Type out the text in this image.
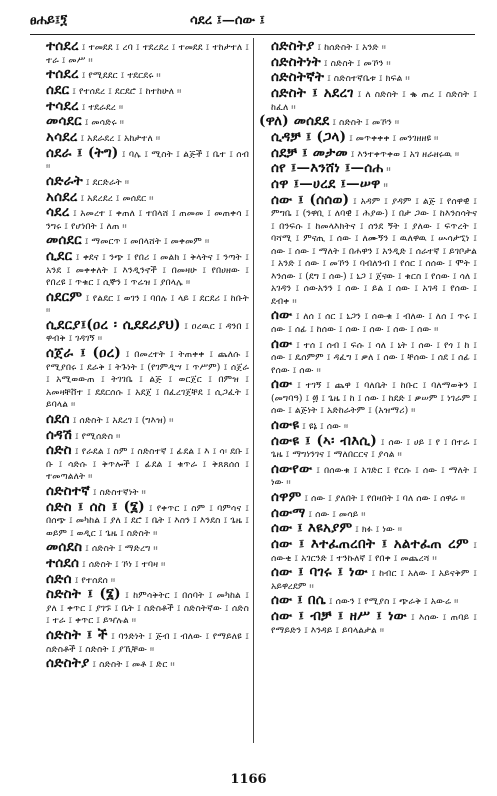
ፀሐይ፤፺	ሳደረ ፤—ሰው ፤

ተሰደረ ፤ ተመደደ ፤ ረባ ፤ ተደረደረ ፤ ተመደደ ፤ ተከታተለ ፤ ተራ ፤ መሥ ፡፡

ተሰደረ ፤ የሚደደር ፤ ተደርደሩ ፡፡

ሰደር ፤ የተሰደረ ፤ ደርደሮ ፤ ከተከሁለ ፡፡

ተሳደረ ፤ ተደራደረ ፡፡

መሳደር ፤ መሳድሩ ፡፡

አሳደረ ፤ አደራደረ ፤ አከታተለ ፡፡

ሰደራ ፤ (ትግ) ፤ ባሌ ፤ ሚስት ፤ ልጅች ፤ ቤተ ፤ ሰብ ፡፡

ሰድራት ፤ ደርድራት ፡፡

አሰደረ ፤ አደረደረ ፤ መሰደር ፡፡

ሳደረ ፤ አመረተ ፤ ቀጠለ ፤ ተበላሸ ፤ ጠመመ ፤ መጠቀሳ ፤ ንግሩ ፤ የሆነበት ፤ ለጠ ፡፡

መሰደር ፤ ማመርጥ ፤ መበላሸት ፤ መቀመም ፡፡

ሲደር ፤ ቀደና ፤ ንጭ ፤ የበሪ ፤ መልክ ፤ ቅላትና ፤ ንጣት ፤ አንደ ፤ መቀቀለት ፤ እንዲንኖች ፤ በመዛሁ ፤ የበሀዘው ፤ የበረዩ ፤ ጥቁር ፤ ሲኞን ፤ ጥሬዝ ፤ ያበላሌ ፡፡

ሰደርም ፤ የልደር ፤ ወገን ፤ ባበሉ ፤ ላይ ፤ ደርደሪ ፤ ከቡት ፡፡

ሲደርያ፤(ዐረ ፡ ሲደደሪያህ) ፤ ዐረዉር ፤ ዳንበ ፤ ዋብቅ ፤ ገዳገኝ ፡፡

ሰጀራ ፤ (ዐረ) ፤ በመረተት ፤ ትጠቀቀ ፤ ጨለሱ ፤ የሚያበሩ ፤ ደራቅ ፤ ትጉነት ፤ (የገምዲሣ ፤ ጥሥም) ፤ ሰጀራ ፤ አሚወውጠ ፤ ትገገቤ ፤ ልጅ ፤ ወርጀር ፤ በምዝ ፤ አመዛቸቨተ ፤ ደደርሰሱ ፤ አደጀ ፤ በፈረገጀቸደ ፤ ሲጋፈት ፤ ይባላል ፡፡

ሰደሰ ፤ ሰድስት ፤ አደረገ ፤ (ግእዝ) ፡፡

ሰዳሽ ፤ የሚሰድስ ፡፡

ሰድስ ፤ የራደል ፤ ስም ፤ ስድስተኛ ፤ ፊደል ፤ እ ፤ ሳ፡ ደቡ ፤ ቡ ፤ ሳድሱ ፤ ቅጥሎች ፤ ፊደል ፤ ቁጥራ ፤ ቅጸጸሰሰ ፤ ተመጣልለት ፡፡

ሰድስተኛ ፤ ስድስተኛነት ፡፡

ሰድስ ፤ ሰስ ፤ (፮) ፤ የቀጥር ፤ ስም ፤ ባምሳና ፤ በሰጭ ፤ መካከል ፤ ያለ ፤ ደሮ ፤ ቤት ፤ እስን ፤ እንደስ ፤ ጌዜ ፤ ወይም ፤ ወዲር ፤ ጌዜ ፤ ስድስት ፡፡

መሰደስ ፤ ሰድስት ፤ ማድረግ ፡፡

ተሰደሰ ፤ ሰድስት ፤ ኾነ ፤ ተባዛ ፡፡

ሰድሰ ፤ የተሰደሰ ፡፡

ስድስት ፤ (፮) ፤ ከምሳቅትር ፤ በሰባት ፤ መካከል ፤ ያለ ፤ ቀጥር ፤ ያገኙ ፤ ቤት ፤ ስድስቶች ፤ ስድስትኛው ፤ ሰድስ ፤ ተራ ፤ ቀጥር ፤ ይዣሉል ፡፡

ሰድስት ፤ ች ፤ ባንድነት ፤ ጅብ ፤ ብለው ፤ የማይለዩ ፤ ስድስቶች ፤ ስድስት ፤ ያኺቸው ፡፡

ሰድስትያ ፤ ስድስት ፤ መቶ ፤ ድር ፡፡

ሰድስትያ ፤ ከሰድስት ፤ አንድ ፡፡

ሰድስትነት ፤ ስድስት ፤ መኾን ፡፡

ሰድስትኛት ፤ ስድስተኛቤቱ ፤ ክፍል ፡፡

ሰድስት ፤ አደረገ ፤ ለ ስድስት ፤ ቈ ጠረ ፤ ስድስት ፤ ከፈለ ፡፡

(ዋለ) መሰደደ ፤ ስድስት ፤ መኾን ፡፡

ሲዳቻ ፤ (ጋላ) ፤ መጥቀቀቀ ፤ መንገዘዘዩ ፡፡

ሰደቻ ፤ መታመ ፤ እንተቀጥቀወ ፤ አገ ዘራዘሩዉ ፡፡

ሰየ ፤—እንሸነ ፤—ሰሐ ፡፡

ሰዋ ፤—ሀረደ ፤—ሠዋ ፡፡

ሰው ፤ (ሰሰወ) ፤ አዳም ፤ ያዳም ፤ ልጅ ፤ የሰዋዊ ፤ ምግቤ ፤ (ንዋቢ ፤ ለባዊ ፤ ሕያው) ፤ በታ ጋው ፤ ከእንስሳትና ፤ በንፍሱ ፤ ከመላእክትና ፤ ሰንደ ኝት ፤ ያለው ፤ ፍጥረት ፤ ባሻሚ ፤ ምናጢ ፤ ሰው ፤ ለሙኝን ፤ ዉለዋዉ ፤ ሡሳታኚነ ፤ ሰው ፤ ሰው ፤ ማለት ፤ በሐዋን ፤ አንዲድ ፤ ሰራተኛ ፤ ይገቦታል ፤ አንድ ፤ ሰው ፤ መኾን ፤ ባብለንብ ፤ የሰር ፤ ሰሰው ፤ ሞት ፤ እንሰው ፤ (ደግ ፤ ሰው) ፤ ኒጋ ፤ ጀናው ፤ ቁርስ ፤ የሰው ፤ ሳለ ፤ አገዳን ፤ ሰውአንን ፤ ሰው ፤ ይል ፤ ሰው ፤ አገዳ ፤ የሰው ፤ ደብቀ ፡፡

ሰው ፤ ለሰ ፤ ሰር ፤ ኒጋን ፤ ሰውቁ ፤ ብለው ፤ ለሰ ፤ ጥሩ ፤ ሰው ፤ ሰፊ ፤ ከሰው ፤ ሰው ፤ ሰው ፤ ሰው ፤ ሰው ፡፡

ሰው ፤ ተሰ ፤ ሰብ ፤ ፍሱ ፤ ሳለ ፤ ኒት ፤ ሰው ፤ የጎ ፤ ከ ፤ ሰው ፤ ዴሰምም ፤ ዳፈግ ፤ ቃለ ፤ ሰው ፤ ቸሰው ፤ ሰደ ፤ ሰፊ ፤ የሰው ፤ ሰው ፡፡

ሰው ፤ ተገኝ ፤ ጨዋ ፤ ባለቤት ፤ ከቡር ፤ ባለማወቅን ፤ (መግባዓ) ፤ ፴ ፤ ጌዜ ፤ ከ ፤ ሰው ፤ ከደድ ፤ ቃሠም ፤ ነገራም ፤ ሰው ፤ ልጅነት ፤ አድከራትም ፤ (አዝማሪ) ፡፡

ሰውዩ ፤ ዩኔ ፤ ሰው ፡፡

ሰውዩ ፤ (ኣ፡ ብእሲ) ፤ ሰው ፤ ሀይ ፤ የ ፤ በተራ ፤ ጌዜ ፤ ማግነንገና ፤ ማለበርርና ፤ ያሳል ፡፡

ሰውየው ፤ በሰውቁ ፤ አገድር ፤ የርሱ ፤ ሰው ፤ ማለት ፤ ነው ፡፡

ሰዋም ፤ ሰው ፤ ያለበት ፤ የበዛበት ፤ ባለ ሰው ፤ ሰዋራ ፡፡

ሰውማ ፤ ሰው ፤ መሳይ ፡፡

ሰው ፤ እዩአያም ፤ ክፉ ፤ ነው ፡፡

ሰው ፤ እተፈጠረበት ፤ አልተፈጠ ረም ፤ ሰውቂ ፤ አገርንድ ፤ ተንኩለኛ ፤ የበቀ ፤ መጨረሻ ፡፡

ሰው ፤ ባገሩ ፤ ነው ፤ ከብር ፤ አለው ፤ አይናቅም ፤ አይዋረደም ፡፡

ሰው ፤ በሴ ፤ ሰውን ፤ የሚያስ ፤ ጭራቅ ፤ አውሬ ፡፡

ሰው ፤ ብቻ ፤ ዘሥ ፤ ነው ፤ እሰው ፤ ጠባይ ፤ የማይድን ፤ እንዳይ ፤ ይባላልታል ፡፡

1166
